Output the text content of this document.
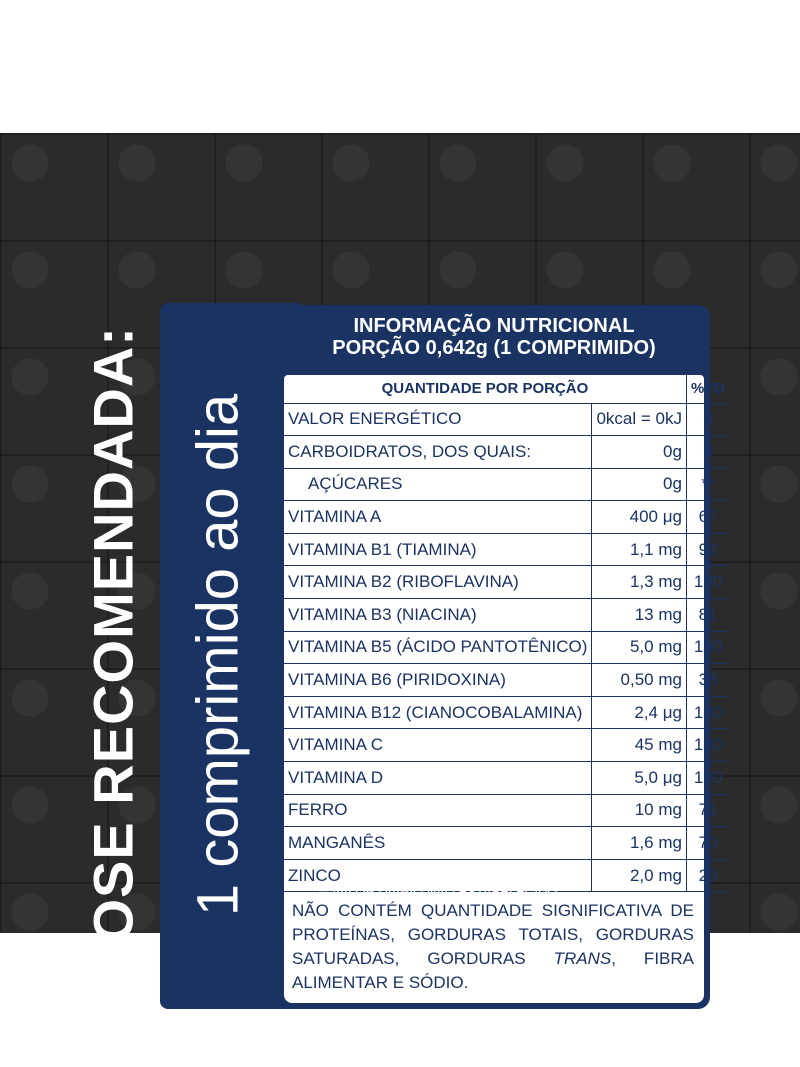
DOSE RECOMENDADA: 1 comprimido ao dia
INFORMAÇÃO NUTRICIONAL
PORÇÃO 0,642g (1 COMPRIMIDO)
QUANTIDADE POR PORÇÃO		%VD
VALOR ENERGÉTICO	0kcal = 0kJ	0
CARBOIDRATOS, DOS QUAIS:	0g	0
AÇÚCARES	0g	**
VITAMINA A	400 μg	67
VITAMINA B1 (TIAMINA)	1,1 mg	92
VITAMINA B2 (RIBOFLAVINA)	1,3 mg	100
VITAMINA B3 (NIACINA)	13 mg	81
VITAMINA B5 (ÁCIDO PANTOTÊNICO)	5,0 mg	100
VITAMINA B6 (PIRIDOXINA)	0,50 mg	38
VITAMINA B12 (CIANOCOBALAMINA)	2,4 μg	100
VITAMINA C	45 mg	100
VITAMINA D	5,0 μg	100
FERRO	10 mg	71
MANGANÊS	1,6 mg	70
ZINCO	2,0 mg	29
NÃO CONTÉM QUANTIDADE SIGNIFICATIVA DE PROTEÍNAS, GORDURAS TOTAIS, GORDURAS SATURADAS, GORDURAS TRANS, FIBRA ALIMENTAR E SÓDIO.
** VALOR DIÁRIO NÃO ESTABELECIDO.
